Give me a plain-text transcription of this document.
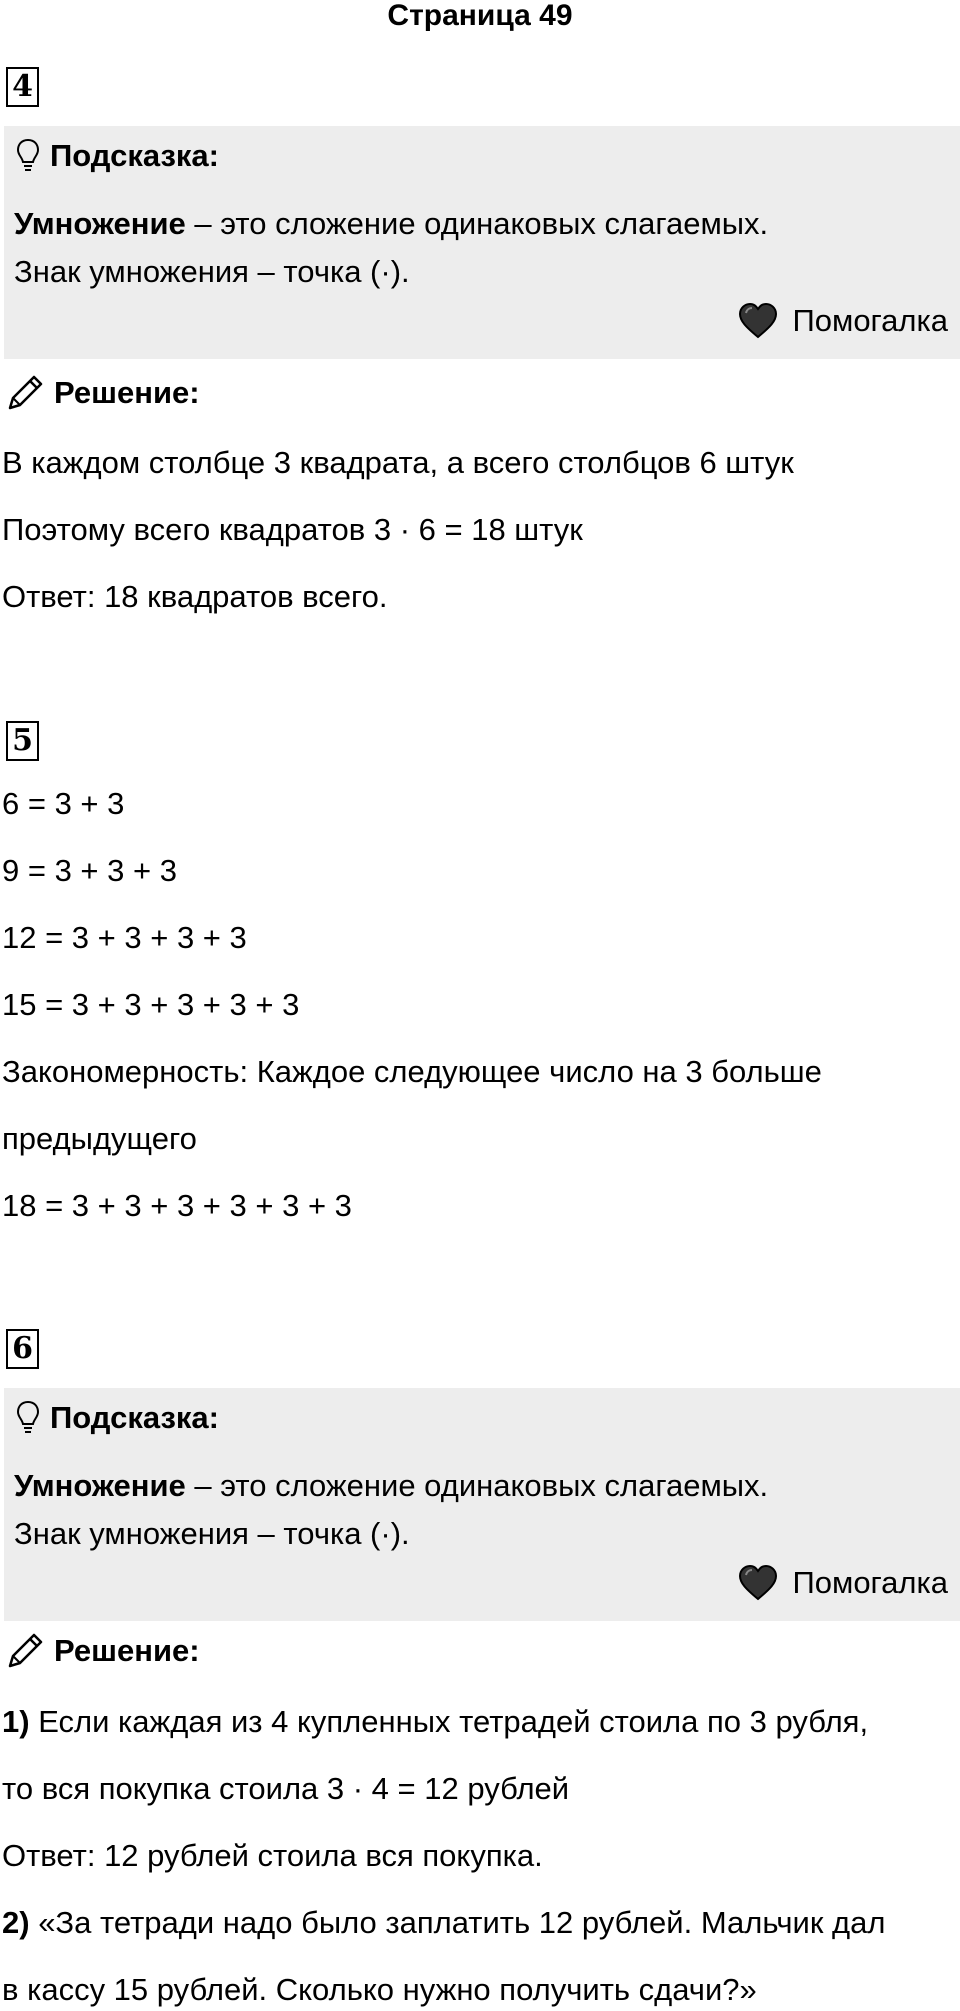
Страница 49
4
Подсказка:
Умножение – это сложение одинаковых слагаемых.
Знак умножения – точка (·).
Помогалка
Решение:
В каждом столбце 3 квадрата, а всего столбцов 6 штук
Поэтому всего квадратов 3 · 6 = 18 штук
Ответ: 18 квадратов всего.
5
6 = 3 + 3
9 = 3 + 3 + 3
12 = 3 + 3 + 3 + 3
15 = 3 + 3 + 3 + 3 + 3
Закономерность: Каждое следующее число на 3 больше
предыдущего
18 = 3 + 3 + 3 + 3 + 3 + 3
6
Подсказка:
Умножение – это сложение одинаковых слагаемых.
Знак умножения – точка (·).
Помогалка
Решение:
1) Если каждая из 4 купленных тетрадей стоила по 3 рубля,
то вся покупка стоила 3 · 4 = 12 рублей
Ответ: 12 рублей стоила вся покупка.
2) «За тетради надо было заплатить 12 рублей. Мальчик дал
в кассу 15 рублей. Сколько нужно получить сдачи?»
